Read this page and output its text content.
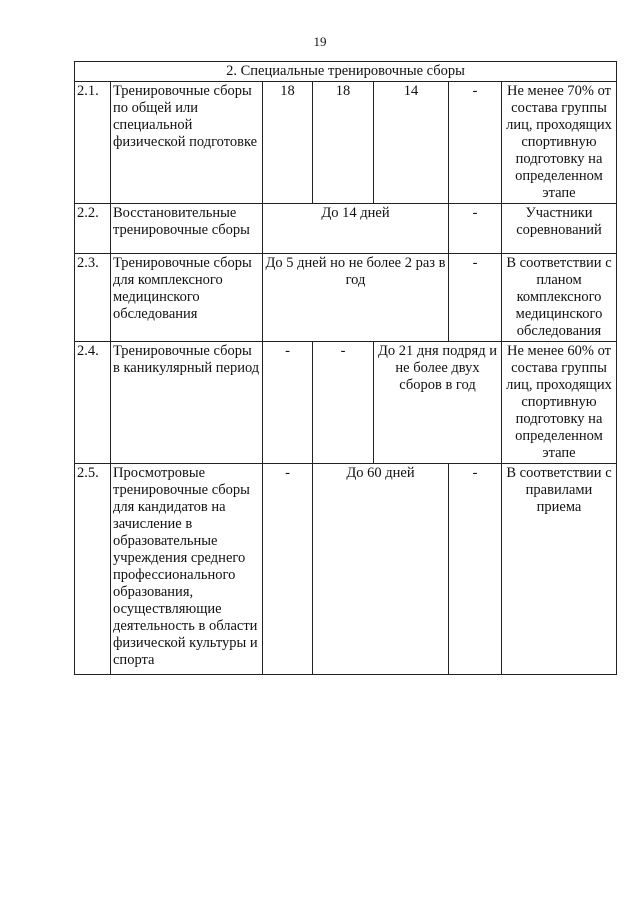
19
2. Специальные тренировочные сборы						
2.1.	Тренировочные сборы по общей или специальной физической подготовке	18	18	14	-	Не менее 70% от состава группы лиц, проходящих спортивную подготовку на определенном этапе
2.2.	Восстановительные тренировочные сборы	До 14 дней			-	Участники соревнований
2.3.	Тренировочные сборы для комплексного медицинского обследования	До 5 дней но не более 2 раз в год			-	В соответствии с планом комплексного медицинского обследования
2.4.	Тренировочные сборы в каникулярный период	-	-	До 21 дня подряд и не более двух сборов в год		Не менее 60% от состава группы лиц, проходящих спортивную подготовку на определенном этапе
2.5.	Просмотровые тренировочные сборы для кандидатов на зачисление в образовательные учреждения среднего профессионального образования, осуществляющие деятельность в области физической культуры и спорта	-	До 60 дней		-	В соответствии с правилами приема
